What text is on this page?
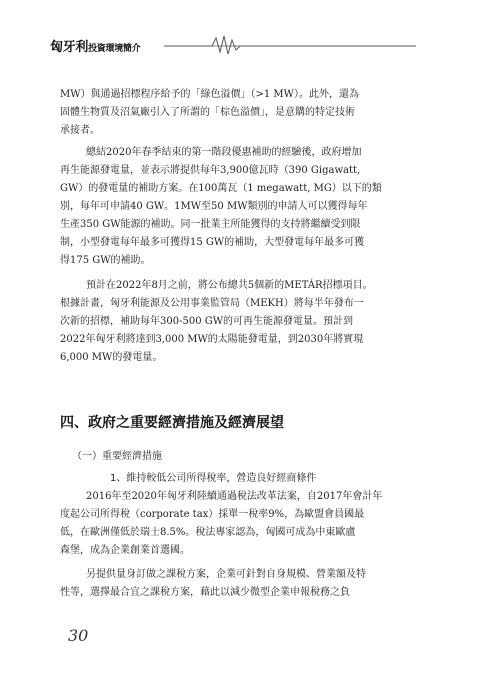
匈牙利投資環境簡介
MW）與通過招標程序給予的「綠色溢價」（>1 MW）。此外，還為
固體生物質及沼氣廠引入了所謂的「棕色溢價」，是意購的特定技術
承接者。
總結2020年春季結束的第一階段優惠補助的經驗後，政府增加
再生能源發電量，並表示將提供每年3,900億瓦時（390 Gigawatt,
GW）的發電量的補助方案。在100萬瓦（1 megawatt, MG）以下的類
別，每年可申請40 GW。1MW至50 MW類別的申請人可以獲得每年
生產350 GW能源的補助。同一批業主所能獲得的支持將繼續受到限
制，小型發電每年最多可獲得15 GW的補助，大型發電每年最多可獲
得175 GW的補助。
預計在2022年8月之前，將公布總共5個新的METÁR招標項目。
根據計畫，匈牙利能源及公用事業監管局（MEKH）將每半年發布一
次新的招標，補助每年300-500 GW的可再生能源發電量。預計到
2022年匈牙利將達到3,000 MW的太陽能發電量，到2030年將實現
6,000 MW的發電量。
四、政府之重要經濟措施及經濟展望
（一）重要經濟措施
1、維持較低公司所得稅率，營造良好經商條件
2016年至2020年匈牙利陸續通過稅法改革法案，自2017年會計年
度起公司所得稅（corporate tax）採單一稅率9%，為歐盟會員國最
低，在歐洲僅低於瑞士8.5%。稅法專家認為，匈國可成為中東歐盧
森堡，成為企業創業首選國。
另提供量身訂做之課稅方案，企業可針對自身規模、營業額及特
性等，選擇最合宜之課稅方案，藉此以減少微型企業申報稅務之負
30
